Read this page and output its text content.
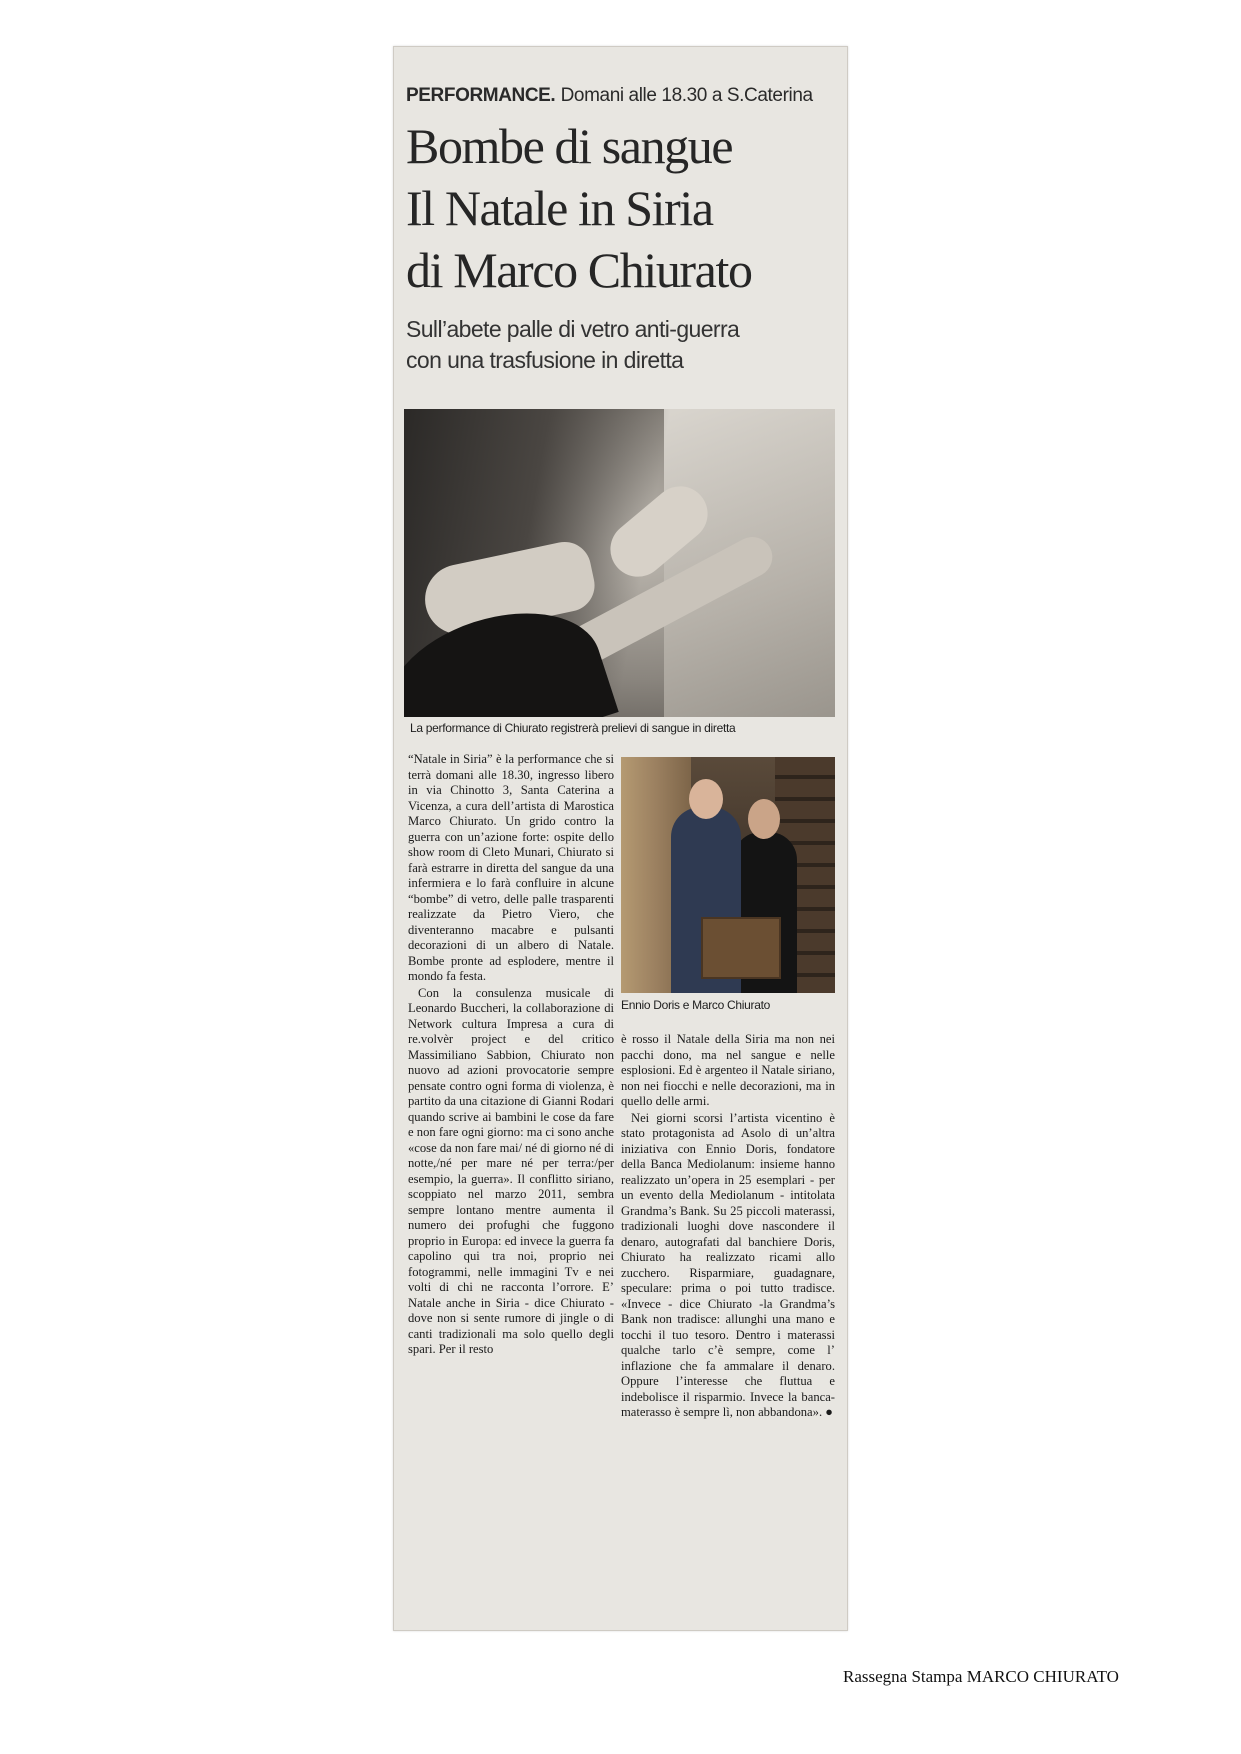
PERFORMANCE. Domani alle 18.30 a S.Caterina
Bombe di sangue
Il Natale in Siria
di Marco Chiurato
Sull’abete palle di vetro anti-guerra
con una trasfusione in diretta
La performance di Chiurato registrerà prelievi di sangue in diretta
Ennio Doris e Marco Chiurato

“Natale in Siria” è la performance che si terrà domani alle 18.30, ingresso libero in via Chinotto 3, Santa Caterina a Vicenza, a cura dell’artista di Marostica Marco Chiurato. Un grido contro la guerra con un’azione forte: ospite dello show room di Cleto Munari, Chiurato si farà estrarre in diretta del sangue da una infermiera e lo farà confluire in alcune “bombe” di vetro, delle palle trasparenti realizzate da Pietro Viero, che diventeranno macabre e pulsanti decorazioni di un albero di Natale. Bombe pronte ad esplodere, mentre il mondo fa festa.

Con la consulenza musicale di Leonardo Buccheri, la collaborazione di Network cultura Impresa a cura di re.volvèr project e del critico Massimiliano Sabbion, Chiurato non nuovo ad azioni provocatorie sempre pensate contro ogni forma di violenza, è partito da una citazione di Gianni Rodari quando scrive ai bambini le cose da fare e non fare ogni giorno: ma ci sono anche «cose da non fare mai/ né di giorno né di notte,/né per mare né per terra:/per esempio, la guerra». Il conflitto siriano, scoppiato nel marzo 2011, sembra sempre lontano mentre aumenta il numero dei profughi che fuggono proprio in Europa: ed invece la guerra fa capolino qui tra noi, proprio nei fotogrammi, nelle immagini Tv e nei volti di chi ne racconta l’orrore. E’ Natale anche in Siria - dice Chiurato - dove non si sente rumore di jingle o di canti tradizionali ma solo quello degli spari. Per il resto

è rosso il Natale della Siria ma non nei pacchi dono, ma nel sangue e nelle esplosioni. Ed è argenteo il Natale siriano, non nei fiocchi e nelle decorazioni, ma in quello delle armi.

Nei giorni scorsi l’artista vicentino è stato protagonista ad Asolo di un’altra iniziativa con Ennio Doris, fondatore della Banca Mediolanum: insieme hanno realizzato un’opera in 25 esemplari - per un evento della Mediolanum - intitolata Grandma’s Bank. Su 25 piccoli materassi, tradizionali luoghi dove nascondere il denaro, autografati dal banchiere Doris, Chiurato ha realizzato ricami allo zucchero. Risparmiare, guadagnare, speculare: prima o poi tutto tradisce. «Invece - dice Chiurato -la Grandma’s Bank non tradisce: allunghi una mano e tocchi il tuo tesoro. Dentro i materassi qualche tarlo c’è sempre, come l’ inflazione che fa ammalare il denaro. Oppure l’interesse che fluttua e indebolisce il risparmio. Invece la banca-materasso è sempre lì, non abbandona». ●

Rassegna Stampa MARCO CHIURATO
